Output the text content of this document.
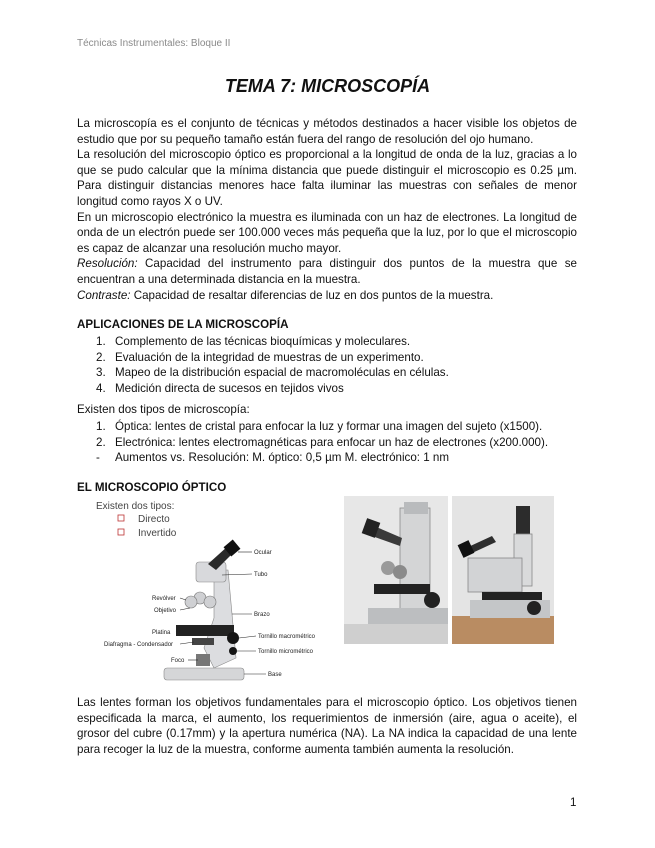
Técnicas Instrumentales: Bloque II
TEMA 7: MICROSCOPÍA

La microscopía es el conjunto de técnicas y métodos destinados a hacer visible los objetos de estudio que por su pequeño tamaño están fuera del rango de resolución del ojo humano.

La resolución del microscopio óptico es proporcional a la longitud de onda de la luz, gracias a lo que se pudo calcular que la mínima distancia que puede distinguir el microscopio es 0.25 µm. Para distinguir distancias menores hace falta iluminar las muestras con señales de menor longitud como rayos X o UV.

En un microscopio electrónico la muestra es iluminada con un haz de electrones. La longitud de onda de un electrón puede ser 100.000 veces más pequeña que la luz, por lo que el microscopio es capaz de alcanzar una resolución mucho mayor.

Resolución: Capacidad del instrumento para distinguir dos puntos de la muestra que se encuentran a una determinada distancia en la muestra.

Contraste: Capacidad de resaltar diferencias de luz en dos puntos de la muestra.

APLICACIONES DE LA MICROSCOPÍA
1. Complemento de las técnicas bioquímicas y moleculares.
2. Evaluación de la integridad de muestras de un experimento.
3. Mapeo de la distribución espacial de macromoléculas en células.
4. Medición directa de sucesos en tejidos vivos
Existen dos tipos de microscopía:
1. Óptica: lentes de cristal para enfocar la luz y formar una imagen del sujeto (x1500).
2. Electrónica: lentes electromagnéticas para enfocar un haz de electrones (x200.000).
- Aumentos vs. Resolución: M. óptico: 0,5 µm M. electrónico: 1 nm
EL MICROSCOPIO ÓPTICO
Existen dos tipos:
Directo
Invertido
Ocular
Tubo
Revólver
Objetivo
Brazo
Platina
Diafragma - Condensador
Tornillo macrométrico
Tornillo micrométrico
Foco
Base
Las lentes forman los objetivos fundamentales para el microscopio óptico. Los objetivos tienen especificada la marca, el aumento, los requerimientos de inmersión (aire, agua o aceite), el grosor del cubre (0.17mm) y la apertura numérica (NA). La NA indica la capacidad de una lente para recoger la luz de la muestra, conforme aumenta también aumenta la resolución.
1
